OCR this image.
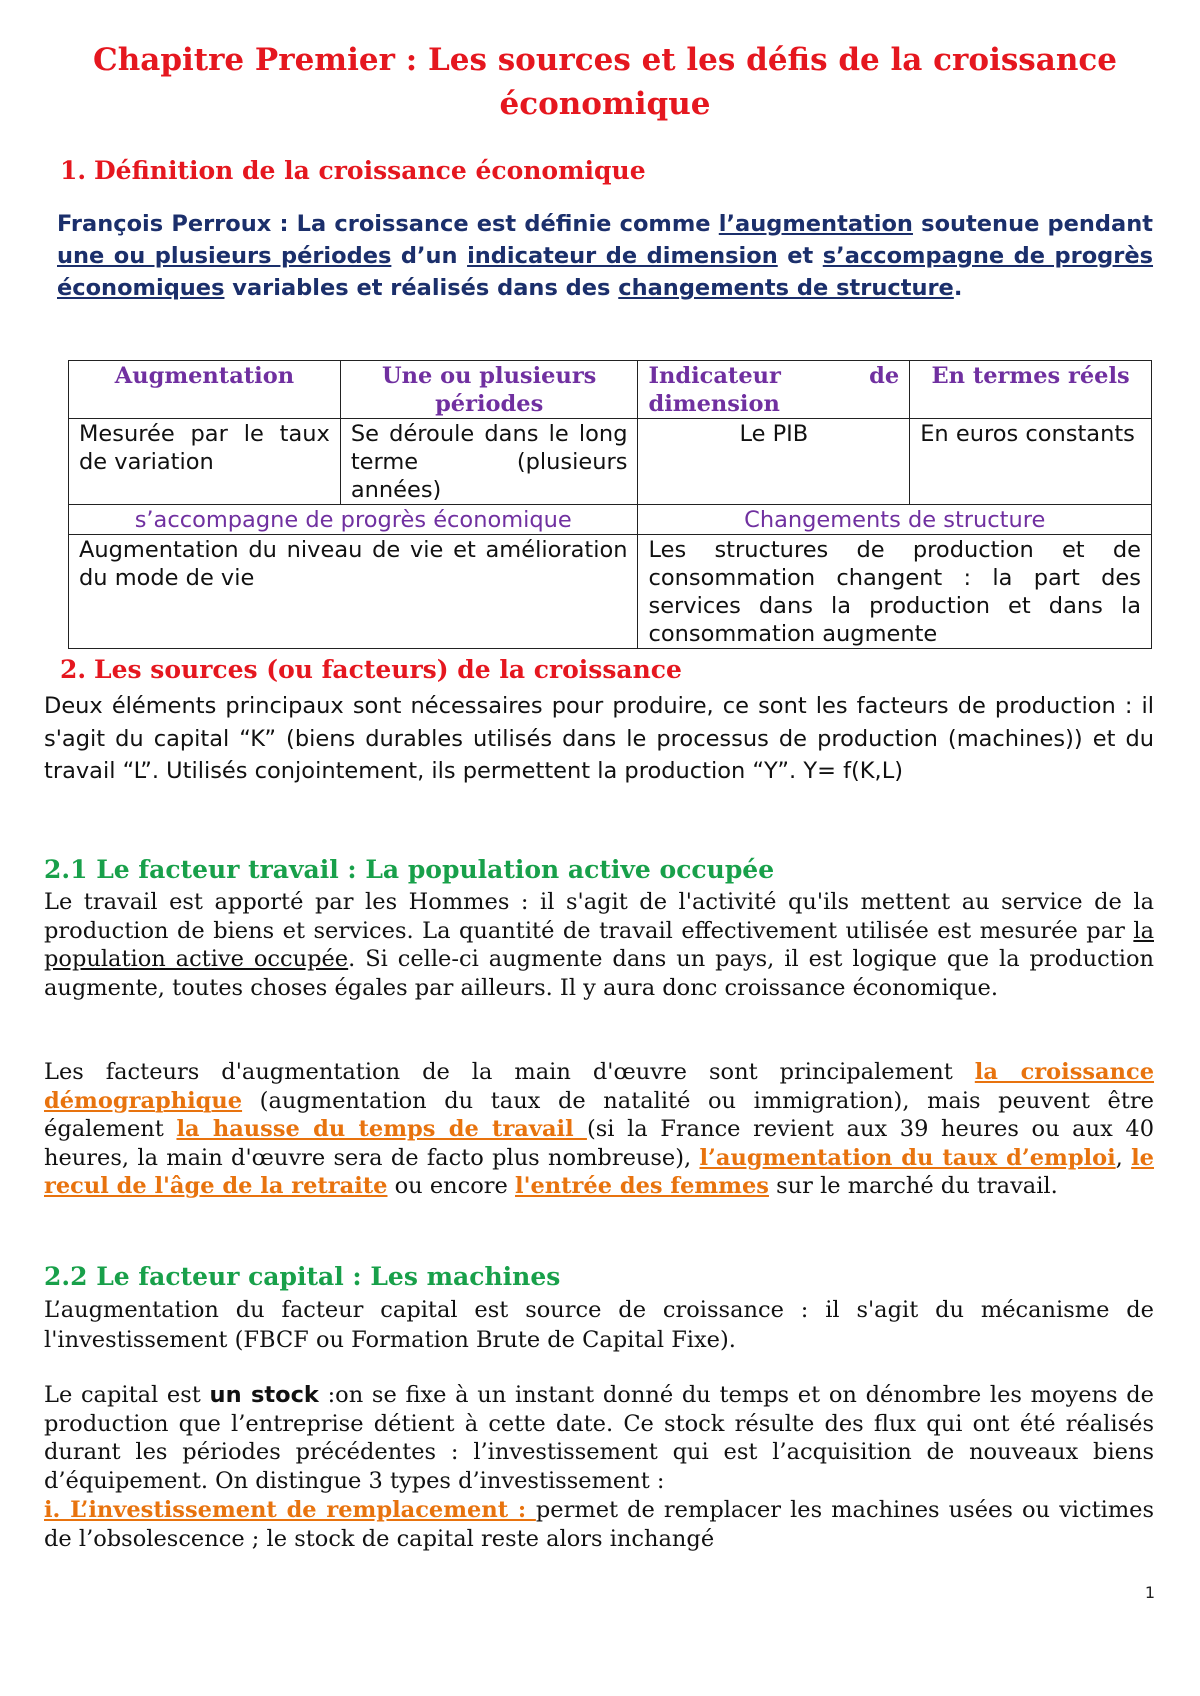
Chapitre Premier : Les sources et les défis de la croissance économique
1. Définition de la croissance économique

François Perroux : La croissance est définie comme l’augmentation soutenue pendant une ou plusieurs périodes d’un indicateur de dimension et s’accompagne de progrès économiques variables et réalisés dans des changements de structure.

Augmentation	Une ou plusieurs périodes	Indicateur de dimension	En termes réels
Mesurée par le taux de variation	Se déroule dans le long terme (plusieurs années)	Le PIB	En euros constants
s’accompagne de progrès économique		Changements de structure	
Augmentation du niveau de vie et amélioration du mode de vie		Les structures de production et de consommation changent : la part des services dans la production et dans la consommation augmente	
2. Les sources (ou facteurs) de la croissance

Deux éléments principaux sont nécessaires pour produire, ce sont les facteurs de production : il s'agit du capital “K” (biens durables utilisés dans le processus de production (machines)) et du travail “L”. Utilisés conjointement, ils permettent la production “Y”. Y= f(K,L)

2.1 Le facteur travail : La population active occupée

Le travail est apporté par les Hommes : il s'agit de l'activité qu'ils mettent au service de la production de biens et services. La quantité de travail effectivement utilisée est mesurée par la population active occupée. Si celle-ci augmente dans un pays, il est logique que la production augmente, toutes choses égales par ailleurs. Il y aura donc croissance économique.

Les facteurs d'augmentation de la main d'œuvre sont principalement la croissance démographique (augmentation du taux de natalité ou immigration), mais peuvent être également la hausse du temps de travail (si la France revient aux 39 heures ou aux 40 heures, la main d'œuvre sera de facto plus nombreuse), l’augmentation du taux d’emploi, le recul de l'âge de la retraite ou encore l'entrée des femmes sur le marché du travail.

2.2 Le facteur capital : Les machines

L’augmentation du facteur capital est source de croissance : il s'agit du mécanisme de l'investissement (FBCF ou Formation Brute de Capital Fixe).

Le capital est un stock :on se fixe à un instant donné du temps et on dénombre les moyens de production que l’entreprise détient à cette date. Ce stock résulte des flux qui ont été réalisés durant les périodes précédentes : l’investissement qui est l’acquisition de nouveaux biens d’équipement. On distingue 3 types d’investissement :

i. L’investissement de remplacement : permet de remplacer les machines usées ou victimes de l’obsolescence ; le stock de capital reste alors inchangé

1
